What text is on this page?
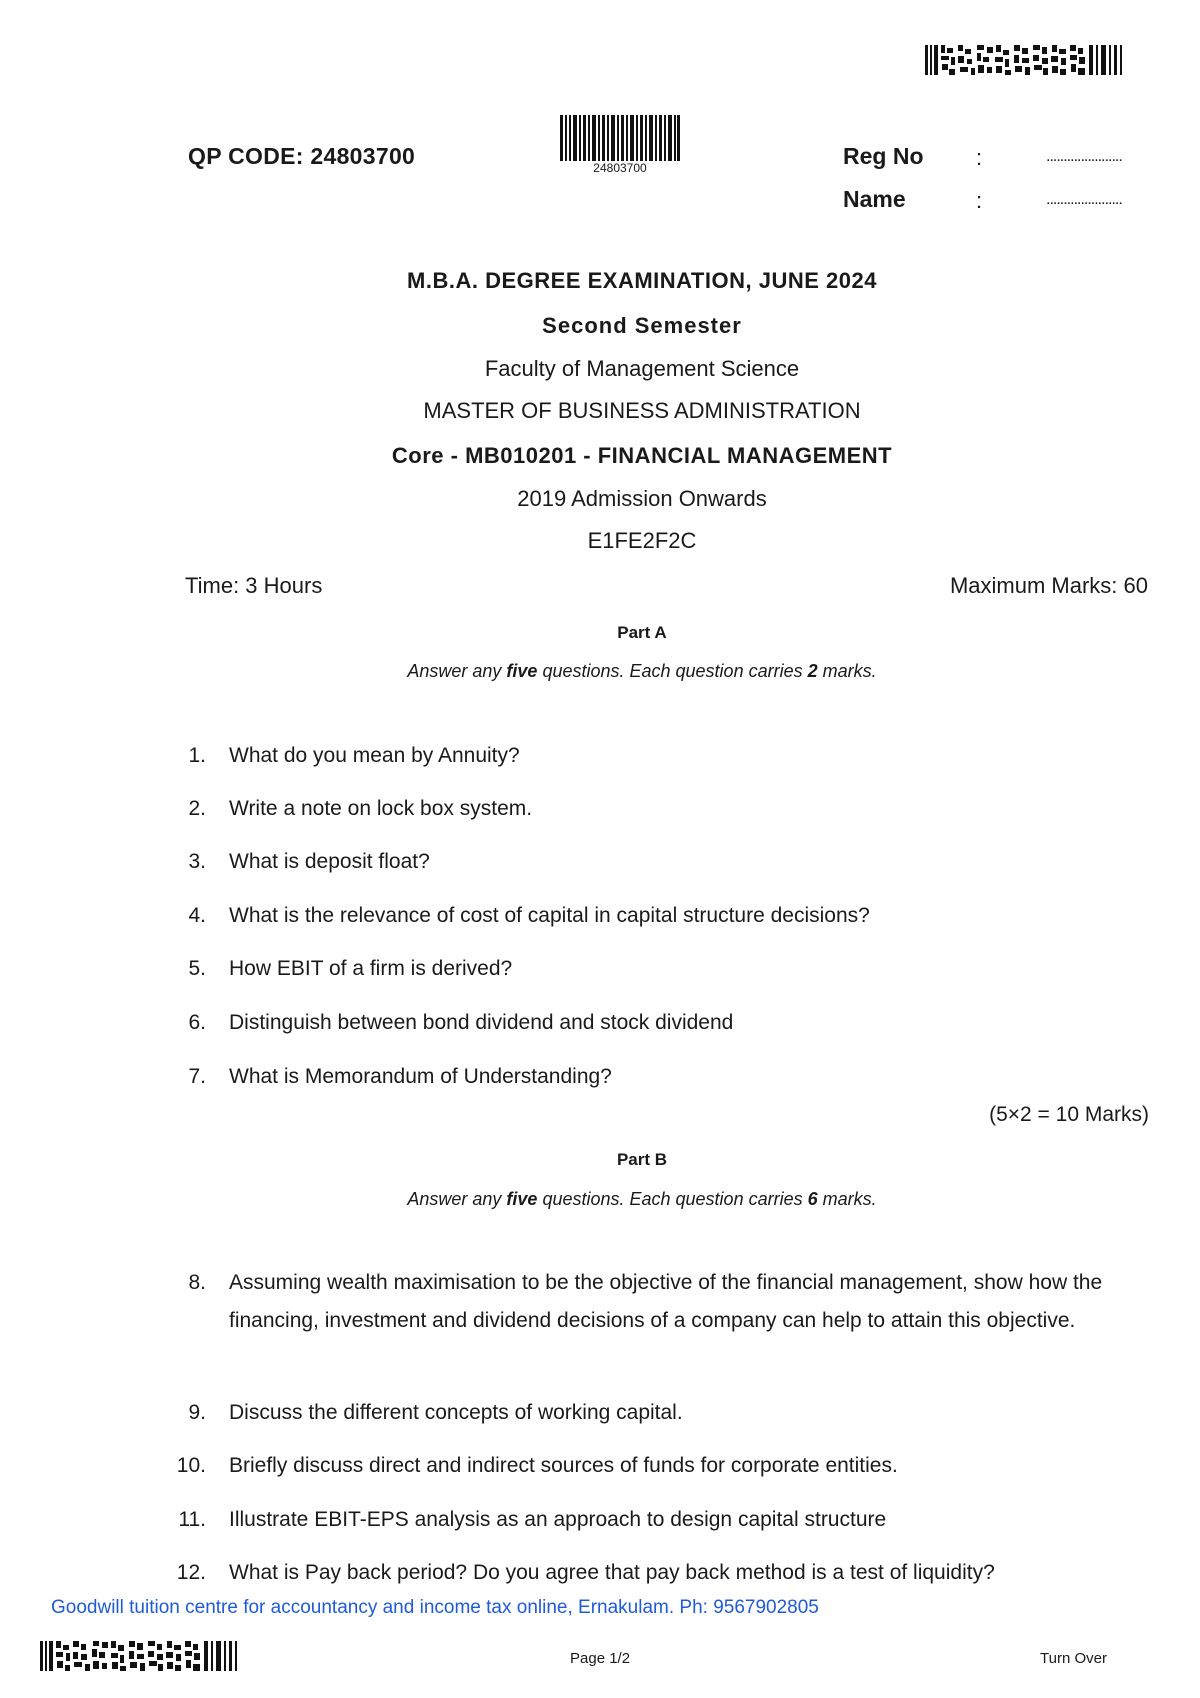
QP CODE: 24803700	24803700	Reg No :	......................
Name	:	......................
M.B.A. DEGREE EXAMINATION, JUNE 2024
Second Semester
Faculty of Management Science
MASTER OF BUSINESS ADMINISTRATION
Core - MB010201 - FINANCIAL MANAGEMENT
2019 Admission Onwards
E1FE2F2C
Time: 3 Hours	Maximum Marks: 60
Part A
Answer any five questions. Each question carries 2 marks.
1. What do you mean by Annuity?
2. Write a note on lock box system.
3. What is deposit float?
4. What is the relevance of cost of capital in capital structure decisions?
5. How EBIT of a firm is derived?
6. Distinguish between bond dividend and stock dividend
7. What is Memorandum of Understanding?
(5×2 = 10 Marks)
Part B
Answer any five questions. Each question carries 6 marks.
8. Assuming wealth maximisation to be the objective of the financial management, show how the financing, investment and dividend decisions of a company can help to attain this objective.
9. Discuss the different concepts of working capital.
10. Briefly discuss direct and indirect sources of funds for corporate entities.
11. Illustrate EBIT-EPS analysis as an approach to design capital structure
12. What is Pay back period? Do you agree that pay back method is a test of liquidity?
Goodwill tuition centre for accountancy and income tax online, Ernakulam. Ph: 9567902805
Page 1/2	Turn Over
